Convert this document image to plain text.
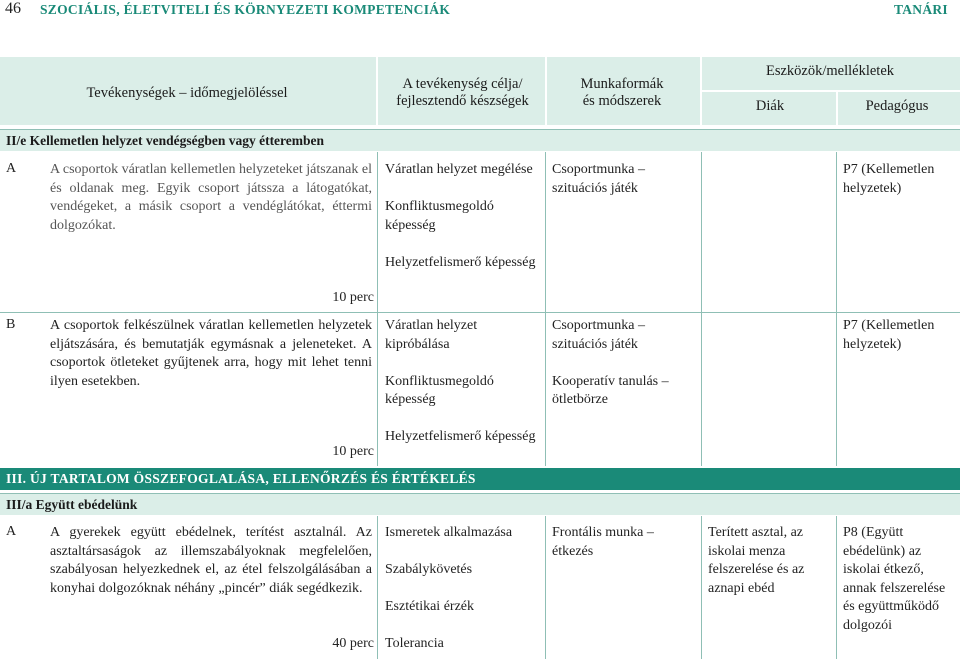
46 SZOCIÁLIS, ÉLETVITELI ÉS KÖRNYEZETI KOMPETENCIÁK	TANÁRI
Tevékenységek – időmegjelöléssel
A tevékenység célja/
fejlesztendő készségek
Munkaformák
és módszerek
Eszközök/mellékletek
Diák	Pedagógus
II/e Kellemetlen helyzet vendégségben vagy étteremben
A A csoportok váratlan kellemetlen helyzeteket játszanak el és oldanak meg. Egyik csoport játssza a látogatókat, vendégeket, a másik csoport a vendéglátókat, éttermi dolgozókat.
10 perc
Váratlan helyzet megélése
Konfliktusmegoldó képesség
Helyzetfelismerő képesség
Csoportmunka – szituációs játék
P7 (Kellemetlen helyzetek)
B A csoportok felkészülnek váratlan kellemetlen helyzetek eljátszására, és bemutatják egymásnak a jeleneteket. A csoportok ötleteket gyűjtenek arra, hogy mit lehet tenni ilyen esetekben.
10 perc
Váratlan helyzet kipróbálása
Konfliktusmegoldó képesség
Helyzetfelismerő képesség
Csoportmunka – szituációs játék
Kooperatív tanulás – ötletbörze
P7 (Kellemetlen helyzetek)
III. ÚJ TARTALOM ÖSSZEFOGLALÁSA, ELLENŐRZÉS ÉS ÉRTÉKELÉS
III/a Együtt ebédelünk
A A gyerekek együtt ebédelnek, terítést asztalnál. Az asztaltársaságok az illemszabályoknak megfelelően, szabályosan helyezkednek el, az étel felszolgálásában a konyhai dolgozóknak néhány „pincér” diák segédkezik.
40 perc
Ismeretek alkalmazása
Szabálykövetés
Esztétikai érzék
Tolerancia
Frontális munka – étkezés
Terített asztal, az iskolai menza felszerelése és az aznapi ebéd
P8 (Együtt ebédelünk) az iskolai étkező, annak felszerelése és együttműködő dolgozói
